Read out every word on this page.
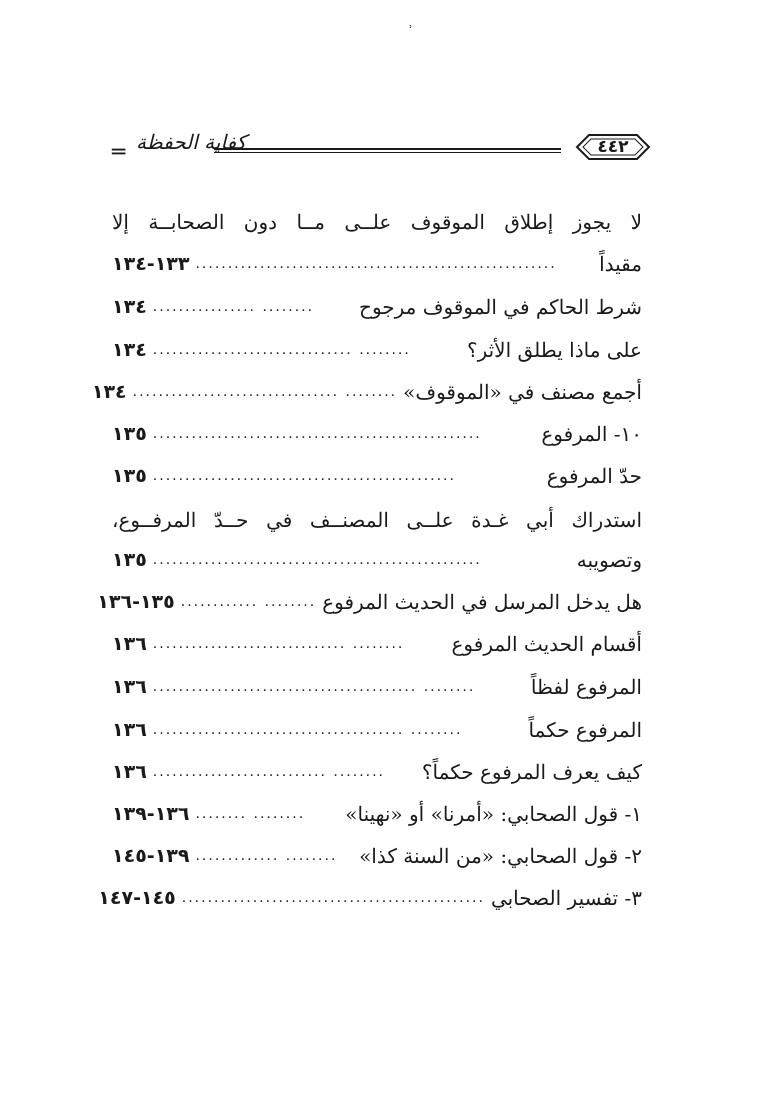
˒
═ كفاية الحفظة	٤٤٢
لا يجوز إطلاق الموقوف علــى مــا دون الصحابــة إلا
مقيداً
........................................................
١٣٣-١٣٤
شرط الحاكم في الموقوف مرجوح
................ ........
١٣٤
على ماذا يطلق الأثر؟
............................... ........
١٣٤
أجمع مصنف في «الموقوف»
................................ ........
١٣٤
١٠- المرفوع
...................................................
١٣٥
حدّ المرفوع
...............................................
١٣٥
استدراك أبي غـدة علــى المصنــف في حــدّ المرفــوع،
وتصويبه
...................................................
١٣٥
هل يدخل المرسل في الحديث المرفوع
............ ........
١٣٥-١٣٦
أقسام الحديث المرفوع
.............................. ........
١٣٦
المرفوع لفظاً
......................................... ........
١٣٦
المرفوع حكماً
....................................... ........
١٣٦
كيف يعرف المرفوع حكماً؟
........................... ........
١٣٦
١- قول الصحابي: «أمرنا» أو «نهينا»
........ ........
١٣٦-١٣٩
٢- قول الصحابي: «من السنة كذا»
............. ........
١٣٩-١٤٥
٣- تفسير الصحابي
...............................................
١٤٥-١٤٧
